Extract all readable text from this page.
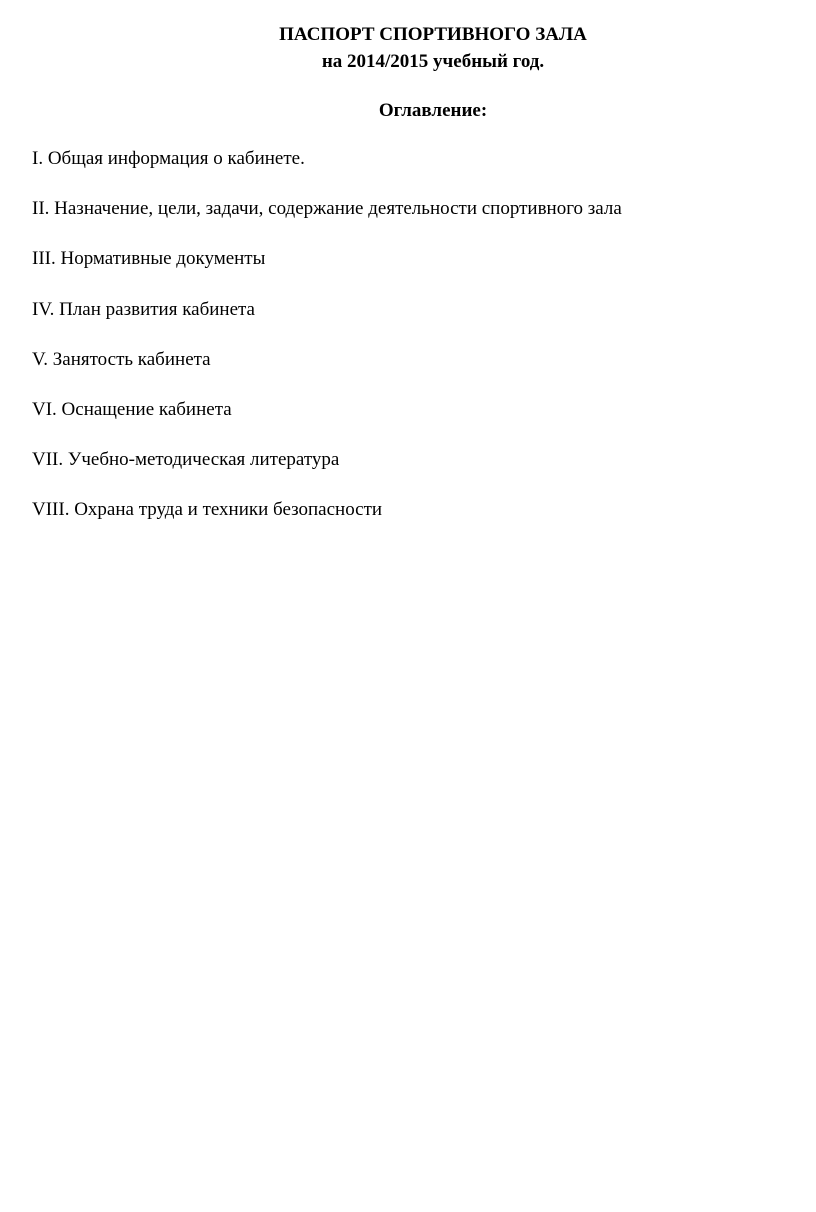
ПАСПОРТ СПОРТИВНОГО ЗАЛА
на 2014/2015 учебный год.
Оглавление:
I. Общая информация о кабинете.
II. Назначение, цели, задачи, содержание деятельности спортивного зала
III. Нормативные документы
IV. План развития кабинета
V. Занятость кабинета
VI. Оснащение кабинета
VII. Учебно-методическая литература
VIII. Охрана труда и техники безопасности
